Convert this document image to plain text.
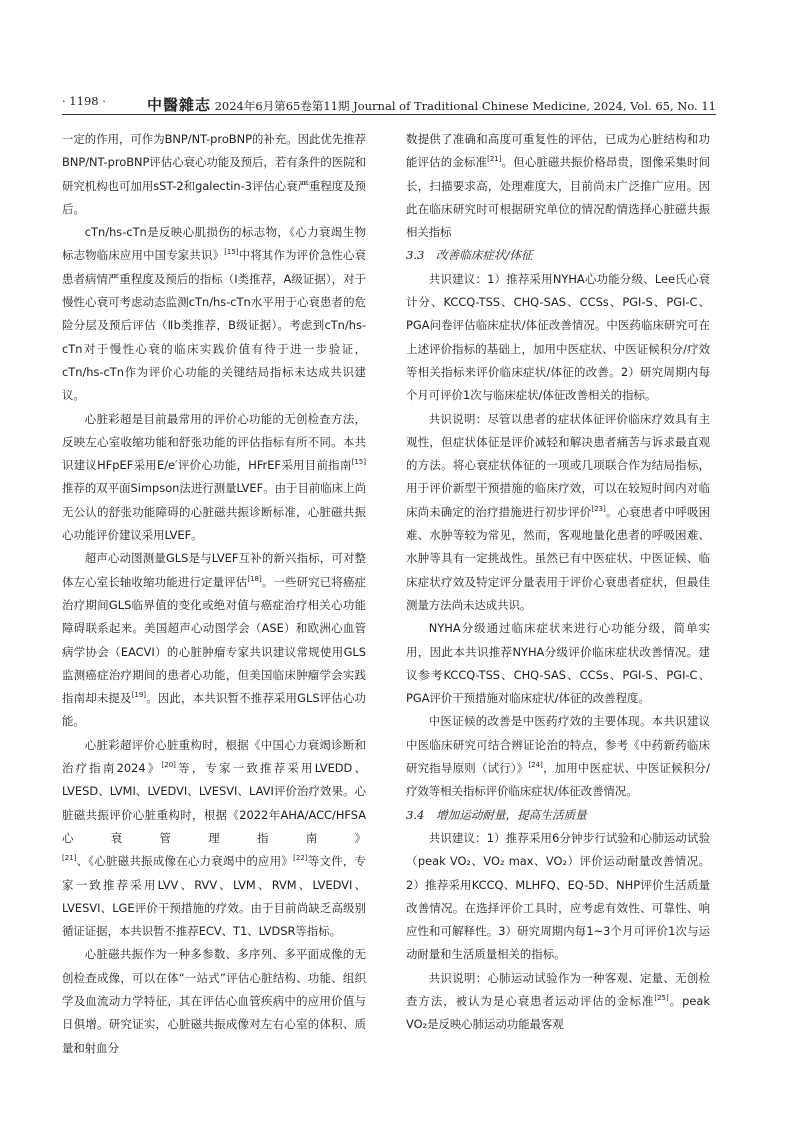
· 1198 ·	中醫雜志 2024年6月第65卷第11期 Journal of Traditional Chinese Medicine, 2024, Vol. 65, No. 11

一定的作用，可作为BNP/NT-proBNP的补充。因此优先推荐BNP/NT-proBNP评估心衰心功能及预后，若有条件的医院和研究机构也可加用sST-2和galectin-3评估心衰严重程度及预后。

cTn/hs-cTn是反映心肌损伤的标志物，《心力衰竭生物标志物临床应用中国专家共识》[15]中将其作为评价急性心衰患者病情严重程度及预后的指标（Ⅰ类推荐，A级证据），对于慢性心衰可考虑动态监测cTn/hs-cTn水平用于心衰患者的危险分层及预后评估（Ⅱb类推荐，B级证据）。考虑到cTn/hs-cTn对于慢性心衰的临床实践价值有待于进一步验证，cTn/hs-cTn作为评价心功能的关键结局指标未达成共识建议。

心脏彩超是目前最常用的评价心功能的无创检查方法，反映左心室收缩功能和舒张功能的评估指标有所不同。本共识建议HFpEF采用E/e′评价心功能，HFrEF采用目前指南[15]推荐的双平面Simpson法进行测量LVEF。由于目前临床上尚无公认的舒张功能障碍的心脏磁共振诊断标准，心脏磁共振心功能评价建议采用LVEF。

超声心动图测量GLS是与LVEF互补的新兴指标，可对整体左心室长轴收缩功能进行定量评估[18]。一些研究已将癌症治疗期间GLS临界值的变化或绝对值与癌症治疗相关心功能障碍联系起来。美国超声心动图学会（ASE）和欧洲心血管病学协会（EACVI）的心脏肿瘤专家共识建议常规使用GLS监测癌症治疗期间的患者心功能，但美国临床肿瘤学会实践指南却未提及[19]。因此，本共识暂不推荐采用GLS评估心功能。

心脏彩超评价心脏重构时，根据《中国心力衰竭诊断和治疗指南2024》[20]等，专家一致推荐采用LVEDD、LVESD、LVMI、LVEDVI、LVESVI、LAVI评价治疗效果。心脏磁共振评价心脏重构时，根据《2022年AHA/ACC/HFSA心衰管理指南》[21]、《心脏磁共振成像在心力衰竭中的应用》[22]等文件，专家一致推荐采用LVV、RVV、LVM、RVM、LVEDVI、LVESVI、LGE评价干预措施的疗效。由于目前尚缺乏高级别循证证据，本共识暂不推荐ECV、T1、LVDSR等指标。

心脏磁共振作为一种多参数、多序列、多平面成像的无创检查成像，可以在体“一站式”评估心脏结构、功能、组织学及血流动力学特征，其在评估心血管疾病中的应用价值与日俱增。研究证实，心脏磁共振成像对左右心室的体积、质量和射血分

数提供了准确和高度可重复性的评估，已成为心脏结构和功能评估的金标准[21]。但心脏磁共振价格昂贵，图像采集时间长，扫描要求高，处理难度大，目前尚未广泛推广应用。因此在临床研究时可根据研究单位的情况酌情选择心脏磁共振相关指标

3.3　改善临床症状/体征

共识建议：1）推荐采用NYHA心功能分级、Lee氏心衰计分、KCCQ-TSS、CHQ-SAS、CCSs、PGI-S、PGI-C、PGA问卷评估临床症状/体征改善情况。中医药临床研究可在上述评价指标的基础上，加用中医症状、中医证候积分/疗效等相关指标来评价临床症状/体征的改善。2）研究周期内每个月可评价1次与临床症状/体征改善相关的指标。

共识说明：尽管以患者的症状体征评价临床疗效具有主观性，但症状体征是评价减轻和解决患者痛苦与诉求最直观的方法。将心衰症状体征的一项或几项联合作为结局指标，用于评价新型干预措施的临床疗效，可以在较短时间内对临床尚未确定的治疗措施进行初步评价[23]。心衰患者中呼吸困难、水肿等较为常见，然而，客观地量化患者的呼吸困难、水肿等具有一定挑战性。虽然已有中医症状、中医证候、临床症状疗效及特定评分量表用于评价心衰患者症状，但最佳测量方法尚未达成共识。

NYHA分级通过临床症状来进行心功能分级，简单实用，因此本共识推荐NYHA分级评价临床症状改善情况。建议参考KCCQ-TSS、CHQ-SAS、CCSs、PGI-S、PGI-C、PGA评价干预措施对临床症状/体征的改善程度。

中医证候的改善是中医药疗效的主要体现。本共识建议中医临床研究可结合辨证论治的特点，参考《中药新药临床研究指导原则（试行）》[24]，加用中医症状、中医证候积分/疗效等相关指标评价临床症状/体征改善情况。

3.4　增加运动耐量，提高生活质量

共识建议：1）推荐采用6分钟步行试验和心肺运动试验（peak VO₂、VO₂ max、VO₂）评价运动耐量改善情况。2）推荐采用KCCQ、MLHFQ、EQ-5D、NHP评价生活质量改善情况。在选择评价工具时，应考虑有效性、可靠性、响应性和可解释性。3）研究周期内每1~3个月可评价1次与运动耐量和生活质量相关的指标。

共识说明：心肺运动试验作为一种客观、定量、无创检查方法，被认为是心衰患者运动评估的金标准[25]。peak VO₂是反映心肺运动功能最客观
